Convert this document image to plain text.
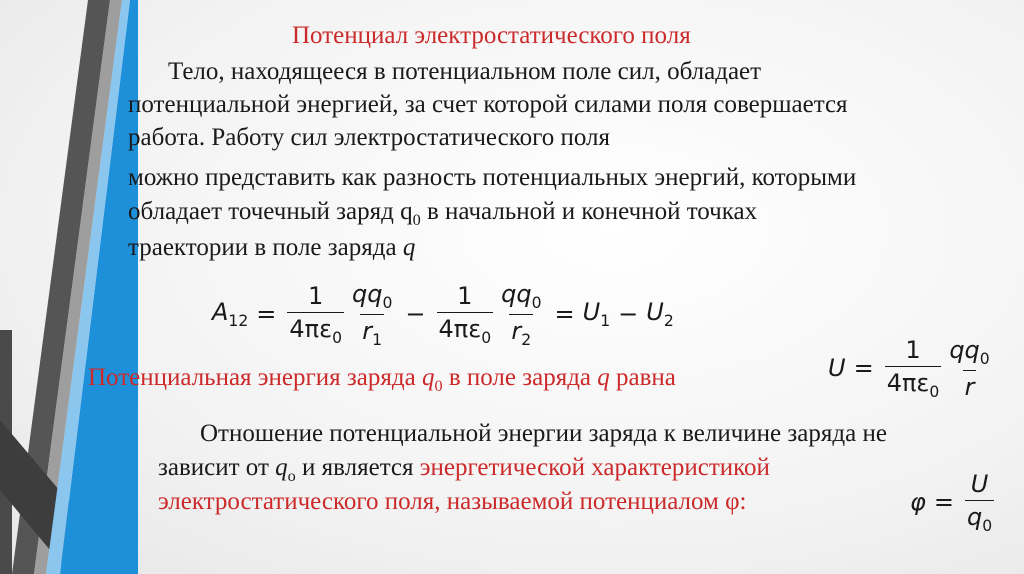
Потенциал электростатического поля
Тело, находящееся в потенциальном поле сил, обладает
потенциальной энергией, за счет которой силами поля совершается
работа. Работу сил электростатического поля
можно представить как разность потенциальных энергий, которыми
обладает точечный заряд $q_0$ в начальной и конечной точках
траектории в поле заряда q
$A_{12} = \frac{1}{4\pi\varepsilon_0} \frac{qq_0}{r_1} - \frac{1}{4\pi\varepsilon_0} \frac{qq_0}{r_2} = U_1 - U_2$
Потенциальная энергия заряда $q_0$ в поле заряда q равна	$U = \frac{1}{4\pi\varepsilon_0} \frac{qq_0}{r}$
Отношение потенциальной энергии заряда к величине заряда не
зависит от $q_o$ и является энергетической характеристикой
электростатического поля, называемой потенциалом φ:	$\varphi = \frac{U}{q_0}$
